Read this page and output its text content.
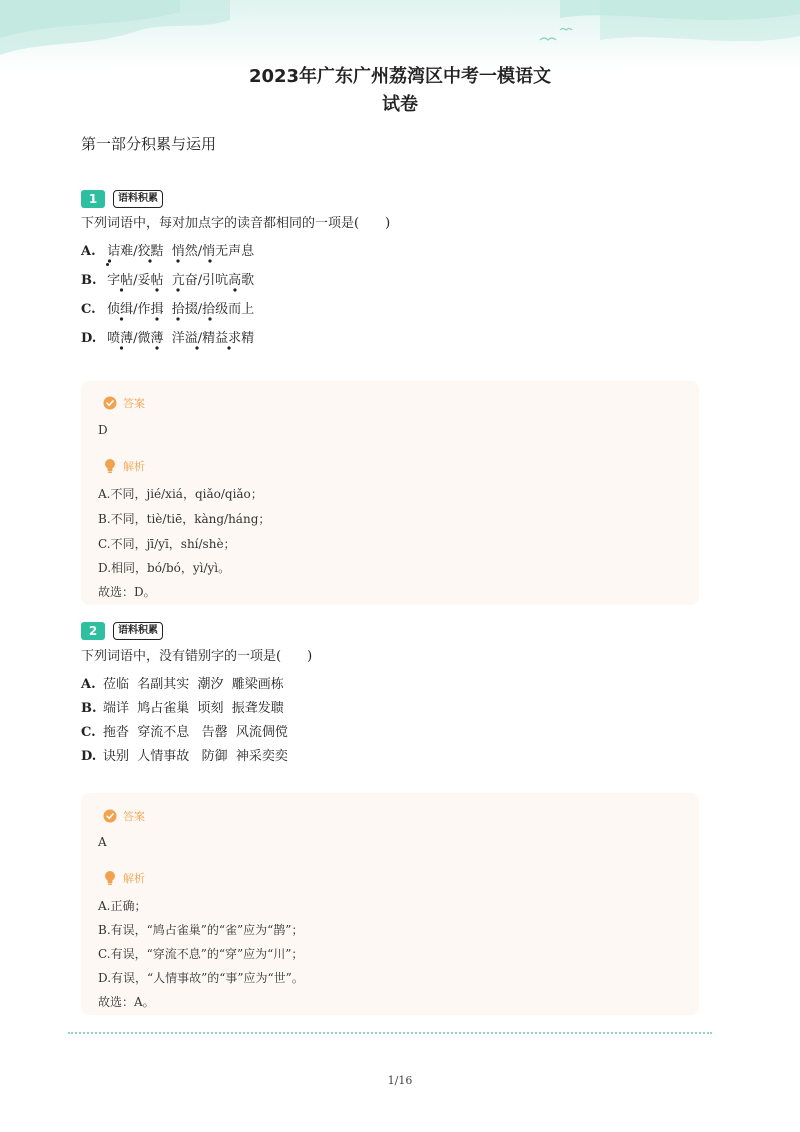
2023年广东广州荔湾区中考一模语文
试卷
第一部分积累与运用
1	语料积累
下列词语中，每对加点字的读音都相同的一项是(　　)
A. 诘难/狡黠 悄然/悄无声息
B. 字帖/妥帖 亢奋/引吭高歌
C. 侦缉/作揖 拾掇/拾级而上
D. 喷薄/微薄 洋溢/精益求精
答案
D
解析
A.不同，jié/xiá，qiǎo/qiǎo；
B.不同，tiè/tiē，kàng/háng；
C.不同，jī/yī，shí/shè；
D.相同，bó/bó，yì/yì。
故选：D。
2	语料积累
下列词语中，没有错别字的一项是(　　)
A. 莅临  名副其实  潮汐  雕梁画栋
B. 端详  鸠占雀巢  顷刻  振聋发聩
C. 拖沓  穿流不息   告罄  风流倜傥
D. 诀别  人情事故   防御  神采奕奕
答案
A
解析
A.正确；
B.有误，“鸠占雀巢”的“雀”应为“鹊”；
C.有误，“穿流不息”的“穿”应为“川”；
D.有误，“人情事故”的“事”应为“世”。
故选：A。
1/16
